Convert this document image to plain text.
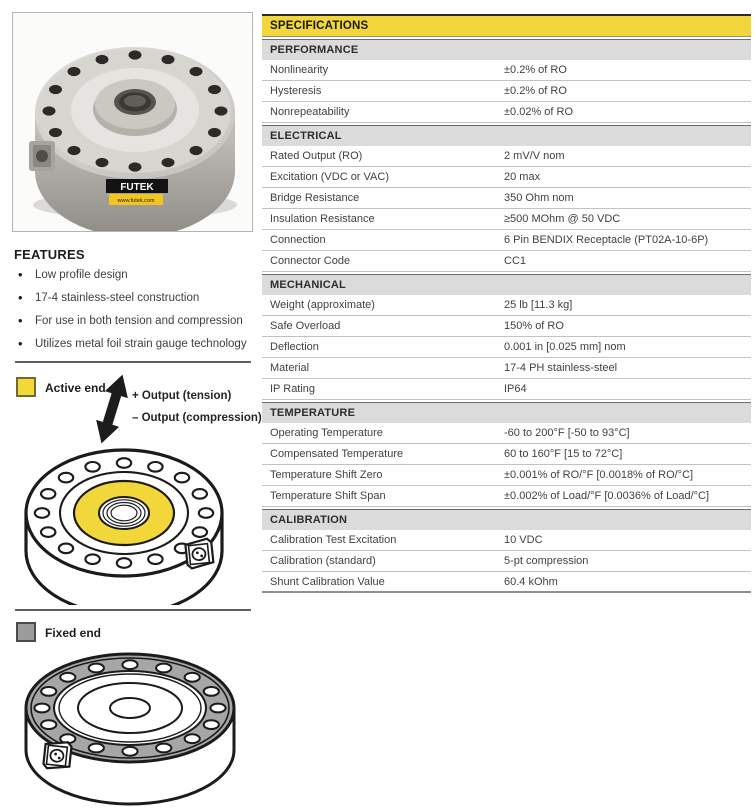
FUTEK
www.futek.com
FEATURES
• Low profile design
• 17-4 stainless-steel construction
• For use in both tension and compression
• Utilizes metal foil strain gauge technology
Active end
+ Output (tension)
– Output (compression)
Fixed end
SPECIFICATIONS
PERFORMANCE
Nonlinearity	±0.2% of RO
Hysteresis	±0.2% of RO
Nonrepeatability	±0.02% of RO
ELECTRICAL
Rated Output (RO)	2 mV/V nom
Excitation (VDC or VAC)	20 max
Bridge Resistance	350 Ohm nom
Insulation Resistance	≥500 MOhm @ 50 VDC
Connection	6 Pin BENDIX Receptacle (PT02A-10-6P)
Connector Code	CC1
MECHANICAL
Weight (approximate)	25 lb [11.3 kg]
Safe Overload	150% of RO
Deflection	0.001 in [0.025 mm] nom
Material	17-4 PH stainless-steel
IP Rating	IP64
TEMPERATURE
Operating Temperature	-60 to 200°F [-50 to 93°C]
Compensated Temperature	60 to 160°F [15 to 72°C]
Temperature Shift Zero	±0.001% of RO/°F [0.0018% of RO/°C]
Temperature Shift Span	±0.002% of Load/°F [0.0036% of Load/°C]
CALIBRATION
Calibration Test Excitation	10 VDC
Calibration (standard)	5-pt compression
Shunt Calibration Value	60.4 kOhm
